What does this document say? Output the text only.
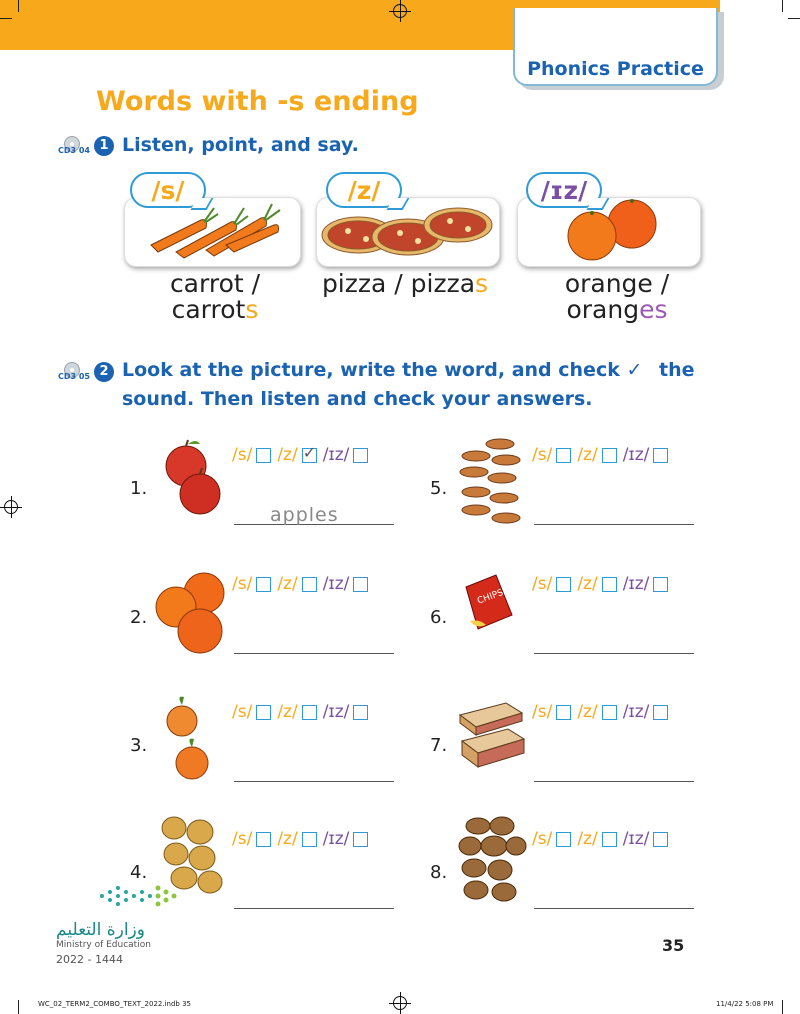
Phonics Practice
Words with -s ending
CD3 04 1 Listen, point, and say.
/s/
carrot /
carrots
/z/
pizza / pizzas
/ɪz/
orange /
oranges
CD3 05 2 Look at the picture, write the word, and check ✓ the
sound. Then listen and check your answers.
1.
/s/ /z/
✓ /ɪz/
apples
2.
/s/ /z/ /ɪz/
3.
/s/ /z/ /ɪz/
4.
/s/ /z/ /ɪz/
5.
/s/ /z/ /ɪz/
6.
CHIPS
/s/ /z/ /ɪz/
7.
/s/ /z/ /ɪz/
8.
/s/ /z/ /ɪz/
وزارة التعليم
Ministry of Education
2022 - 1444
35
WC_02_TERM2_COMBO_TEXT_2022.indb 35	11/4/22 5:08 PM
